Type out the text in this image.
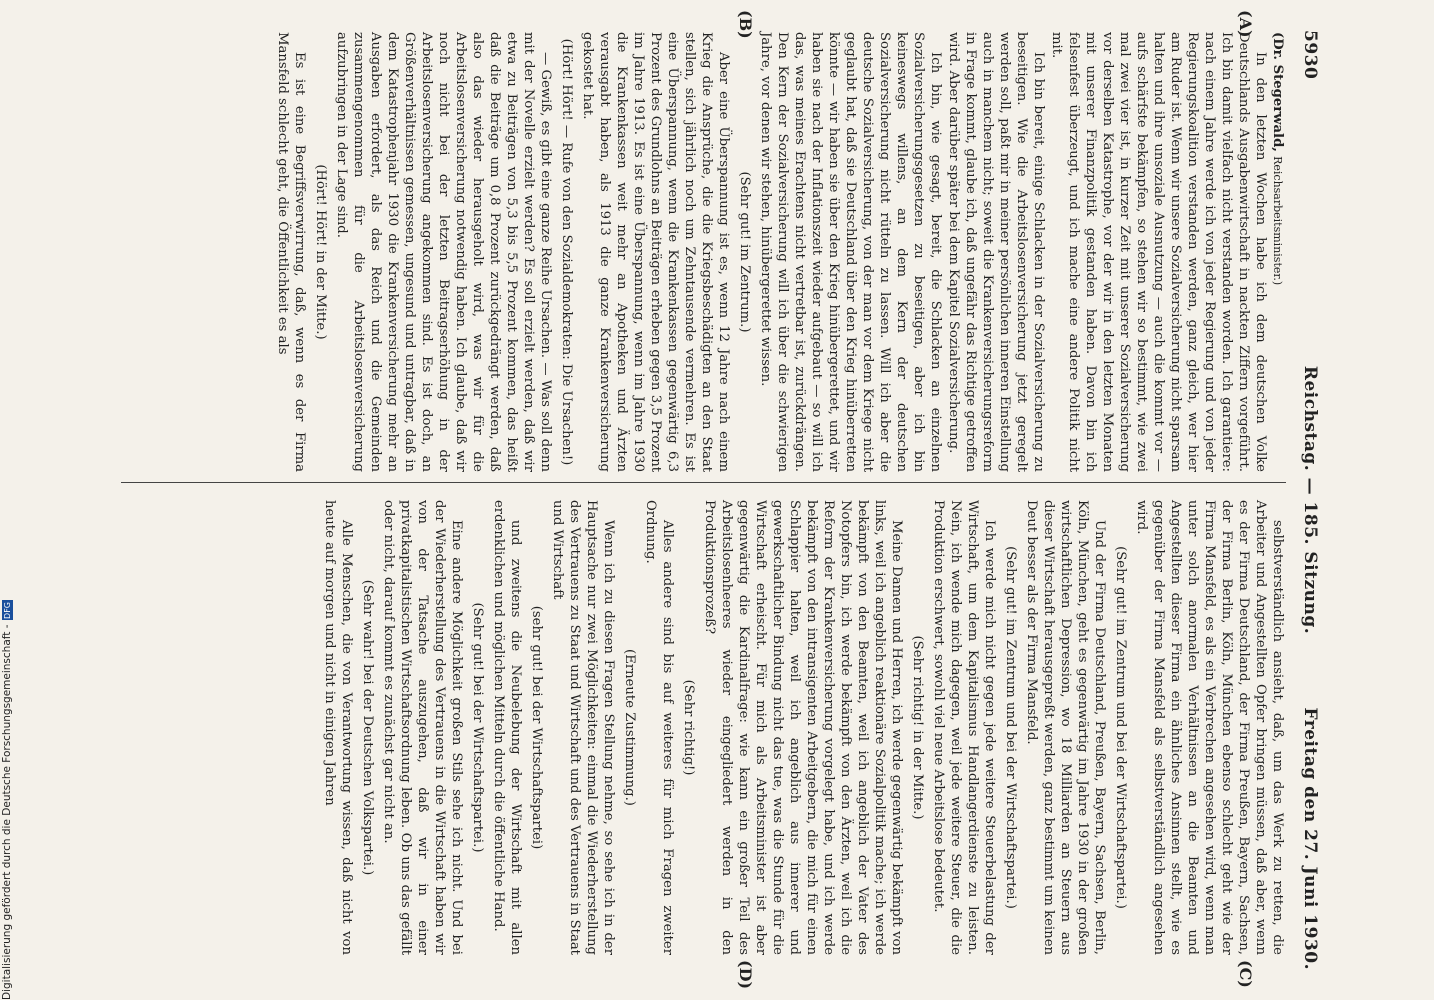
5930
Reichstag. — 185. Sitzung.
Freitag den 27. Juni 1930.
(A)
(B)
(C)
(D)
(Dr. Stegerwald, Reichsarbeitsminister.)

In den letzten Wochen habe ich dem deutschen Volke Deutschlands Ausgabenwirtschaft in nackten Ziffern vorgeführt. Ich bin damit vielfach nicht verstanden worden. Ich garantiere: nach einem Jahre werde ich von jeder Regierung und von jeder Regierungskoalition verstanden werden, ganz gleich, wer hier am Ruder ist. Wenn wir unsere Sozialversicherung nicht sparsam halten und ihre unsoziale Ausnutzung — auch die kommt vor — aufs schärfste bekämpfen, so stehen wir so bestimmt, wie zwei mal zwei vier ist, in kurzer Zeit mit unserer Sozialversicherung vor derselben Katastrophe, vor der wir in den letzten Monaten mit unserer Finanzpolitik gestanden haben. Davon bin ich felsenfest überzeugt, und ich mache eine andere Politik nicht mit.

Ich bin bereit, einige Schlacken in der Sozialversicherung zu beseitigen. Wie die Arbeitslosenversicherung jetzt geregelt werden soll, paßt mir in meiner persönlichen inneren Einstellung auch in manchem nicht; soweit die Krankenversicherungsreform in Frage kommt, glaube ich, daß ungefähr das Richtige getroffen wird. Aber darüber später bei dem Kapitel Sozialversicherung.

Ich bin, wie gesagt, bereit, die Schlacken an einzelnen Sozialversicherungsgesetzen zu beseitigen, aber ich bin keineswegs willens, an dem Kern der deutschen Sozialversicherung nicht rütteln zu lassen. Will ich aber die deutsche Sozialversicherung, von der man vor dem Kriege nicht geglaubt hat, daß sie Deutschland über den Krieg hinüberretten könnte — wir haben sie über den Krieg hinübergerettet, und wir haben sie nach der Inflationszeit wieder aufgebaut — so will ich das, was meines Erachtens nicht vertretbar ist, zurückdrängen. Den Kern der Sozialversicherung will ich über die schwierigen Jahre, vor denen wir stehen, hinübergerettet wissen.

(Sehr gut! im Zentrum.)

Aber eine Überspannung ist es, wenn 12 Jahre nach einem Krieg die Ansprüche, die die Kriegsbeschädigten an den Staat stellen, sich jährlich noch um Zehntausende vermehren. Es ist eine Überspannung, wenn die Krankenkassen gegenwärtig 6,3 Prozent des Grundlohns an Beiträgen erheben gegen 3,5 Prozent im Jahre 1913. Es ist eine Überspannung, wenn im Jahre 1930 die Krankenkassen weit mehr an Apotheken und Ärzten verausgabt haben, als 1913 die ganze Krankenversicherung gekostet hat.

(Hört! Hört! — Rufe von den Sozialdemokraten: Die Ursachen!)

— Gewiß, es gibt eine ganze Reihe Ursachen. — Was soll denn mit der Novelle erzielt werden? Es soll erzielt werden, daß wir etwa zu Beiträgen von 5,3 bis 5,5 Prozent kommen, das heißt daß die Beiträge um 0,8 Prozent zurückgedrängt werden, daß also das wieder herausgeholt wird, was wir für die Arbeitslosenversicherung notwendig haben. Ich glaube, daß wir noch nicht bei der letzten Beitragserhöhung in der Arbeitslosenversicherung angekommen sind. Es ist doch, an Größenverhältnissen gemessen, ungesund und untragbar, daß in dem Katastrophenjahr 1930 die Krankenversicherung mehr an Ausgaben erfordert, als das Reich und die Gemeinden zusammengenommen für die Arbeitslosenversicherung aufzubringen in der Lage sind.

(Hört! Hört! in der Mitte.)

Es ist eine Begriffsverwirrung, daß, wenn es der Firma Mansfeld schlecht geht, die Öffentlichkeit es als

selbstverständlich ansieht, daß, um das Werk zu retten, die Arbeiter und Angestellten Opfer bringen müssen, daß aber, wenn es der Firma Deutschland, der Firma Preußen, Bayern, Sachsen, der Firma Berlin, Köln, München ebenso schlecht geht wie der Firma Mansfeld, es als ein Verbrechen angesehen wird, wenn man unter solch anormalen Verhältnissen an die Beamten und Angestellten dieser Firma ein ähnliches Ansinnen stellt, wie es gegenüber der Firma Mansfeld als selbstverständlich angesehen wird.

(Sehr gut! im Zentrum und bei der Wirtschaftspartei.)

Und der Firma Deutschland, Preußen, Bayern, Sachsen, Berlin, Köln, München, geht es gegenwärtig im Jahre 1930 in der großen wirtschaftlichen Depression, wo 18 Milliarden an Steuern aus dieser Wirtschaft herausgepreßt werden, ganz bestimmt um keinen Deut besser als der Firma Mansfeld.

(Sehr gut! im Zentrum und bei der Wirtschaftspartei.)

Ich werde mich nicht gegen jede weitere Steuerbelastung der Wirtschaft, um dem Kapitalismus Handlangerdienste zu leisten. Nein, ich wende mich dagegen, weil jede weitere Steuer, die die Produktion erschwert, sowohl viel neue Arbeitslose bedeutet.

(Sehr richtig! in der Mitte.)

Meine Damen und Herren, ich werde gegenwärtig bekämpft von links, weil ich angeblich reaktionäre Sozialpolitik mache; ich werde bekämpft von den Beamten, weil ich angeblich der Vater des Notopfers bin, ich werde bekämpft von den Ärzten, weil ich die Reform der Krankenversicherung vorgelegt habe, und ich werde bekämpft von den intransigenten Arbeitgebern, die mich für einen Schlappier halten, weil ich angeblich aus innerer und gewerkschaftlicher Bindung nicht das tue, was die Stunde für die Wirtschaft erheischt. Für mich als Arbeitsminister ist aber gegenwärtig die Kardinalfrage: wie kann ein großer Teil des Arbeitslosenheeres wieder eingegliedert werden in den Produktionsprozeß?

(Sehr richtig!)

Alles andere sind bis auf weiteres für mich Fragen zweiter Ordnung.

(Erneute Zustimmung.)

Wenn ich zu diesen Fragen Stellung nehme, so sehe ich in der Hauptsache nur zwei Möglichkeiten: einmal die Wiederherstellung des Vertrauens zu Staat und Wirtschaft und des Vertrauens in Staat und Wirtschaft

(sehr gut! bei der Wirtschaftspartei)

und zweitens die Neubelebung der Wirtschaft mit allen erdenklichen und möglichen Mitteln durch die öffentliche Hand.

(Sehr gut! bei der Wirtschaftspartei.)

Eine andere Möglichkeit großen Stils sehe ich nicht. Und bei der Wiederherstellung des Vertrauens in die Wirtschaft haben wir von der Tatsache auszugehen, daß wir in einer privatkapitalistischen Wirtschaftsordnung leben. Ob uns das gefällt oder nicht, darauf kommt es zunächst gar nicht an.

(Sehr wahr! bei der Deutschen Volkspartei.)

Alle Menschen, die von Verantwortung wissen, daß nicht von heute auf morgen und nicht in einigen Jahren

Digitalisierung gefördert durch die Deutsche Forschungsgemeinschaft -DFG
